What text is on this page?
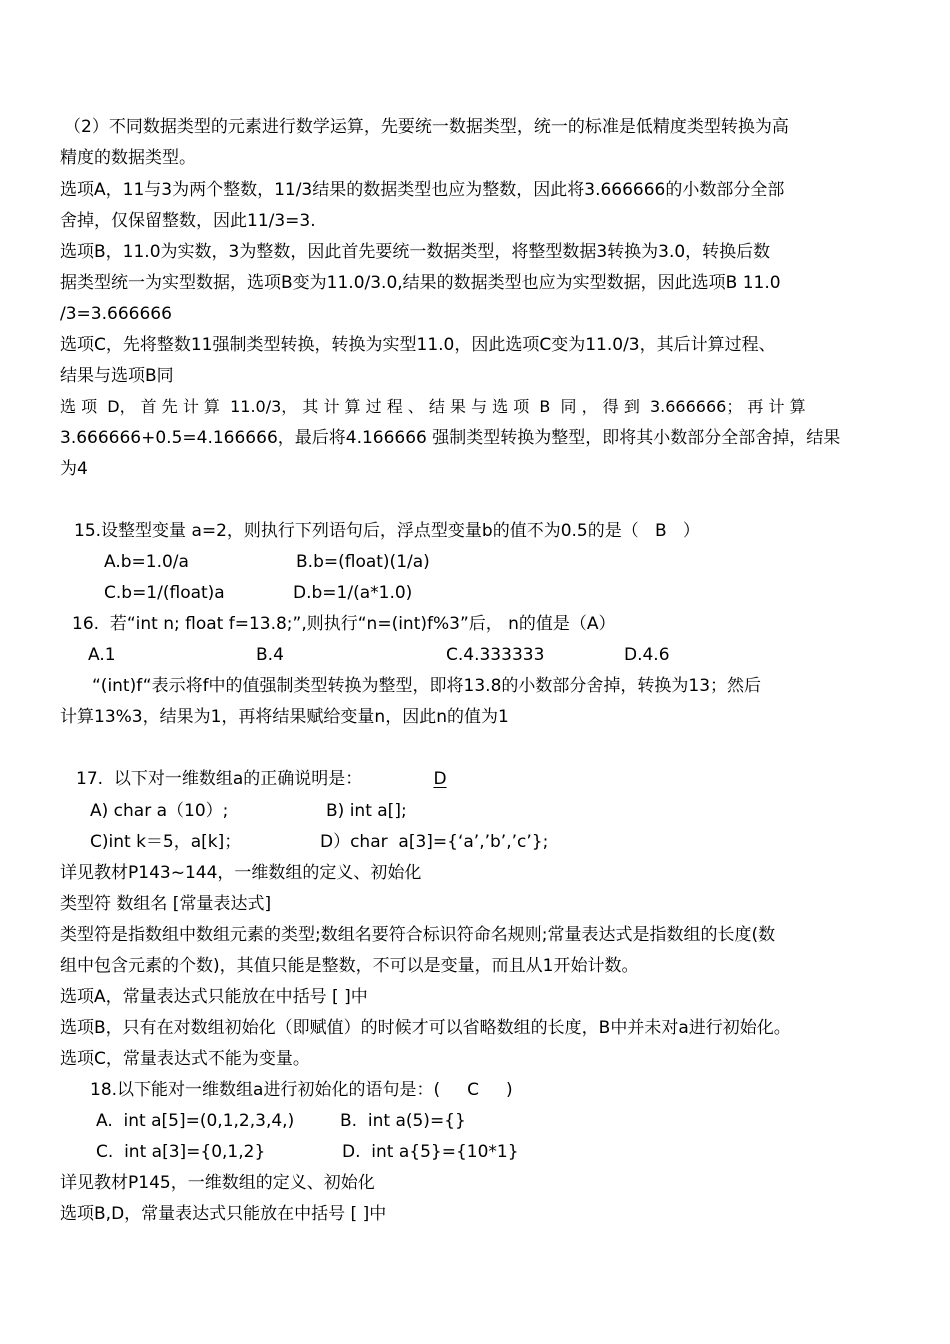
（2）不同数据类型的元素进行数学运算，先要统一数据类型，统一的标准是低精度类型转换为高

精度的数据类型。

选项A，11与3为两个整数，11/3结果的数据类型也应为整数，因此将3.666666的小数部分全部

舍掉，仅保留整数，因此11/3=3.

选项B，11.0为实数，3为整数，因此首先要统一数据类型，将整型数据3转换为3.0，转换后数

据类型统一为实型数据，选项B变为11.0/3.0,结果的数据类型也应为实型数据，因此选项B 11.0

/3=3.666666

选项C，先将整数11强制类型转换，转换为实型11.0，因此选项C变为11.0/3，其后计算过程、

结果与选项B同

选 项  D， 首 先 计 算  11.0/3， 其 计 算 过 程 、 结 果 与 选 项  B  同 ， 得 到  3.666666； 再 计 算

3.666666+0.5=4.166666，最后将4.166666 强制类型转换为整型，即将其小数部分全部舍掉，结果

为4

15.设整型变量 a=2，则执行下列语句后，浮点型变量b的值不为0.5的是（   B   ）

A.b=1.0/a	B.b=(float)(1/a)

C.b=1/(float)a	D.b=1/(a*1.0)

16.  若“int n; float f=13.8;”,则执行“n=(int)f%3”后， n的值是（A）

A.1	B.4	C.4.333333	D.4.6

“(int)f“表示将f中的值强制类型转换为整型，即将13.8的小数部分舍掉，转换为13；然后

计算13%3，结果为1，再将结果赋给变量n，因此n的值为1

17.  以下对一维数组a的正确说明是：	D

A) char a（10）;	B) int a[];

C)int k＝5，a[k]；	D）char  a[3]={‘a’,’b’,’c’};

详见教材P143~144，一维数组的定义、初始化

类型符 数组名 [常量表达式]

类型符是指数组中数组元素的类型;数组名要符合标识符命名规则;常量表达式是指数组的长度(数

组中包含元素的个数)，其值只能是整数，不可以是变量，而且从1开始计数。

选项A，常量表达式只能放在中括号 [ ]中

选项B，只有在对数组初始化（即赋值）的时候才可以省略数组的长度，B中并未对a进行初始化。

选项C，常量表达式不能为变量。

18.以下能对一维数组a进行初始化的语句是：(     C     )

A.  int a[5]=(0,1,2,3,4,)	B.  int a(5)={}

C.  int a[3]={0,1,2}	D.  int a{5}={10*1}

详见教材P145，一维数组的定义、初始化

选项B,D，常量表达式只能放在中括号 [ ]中
